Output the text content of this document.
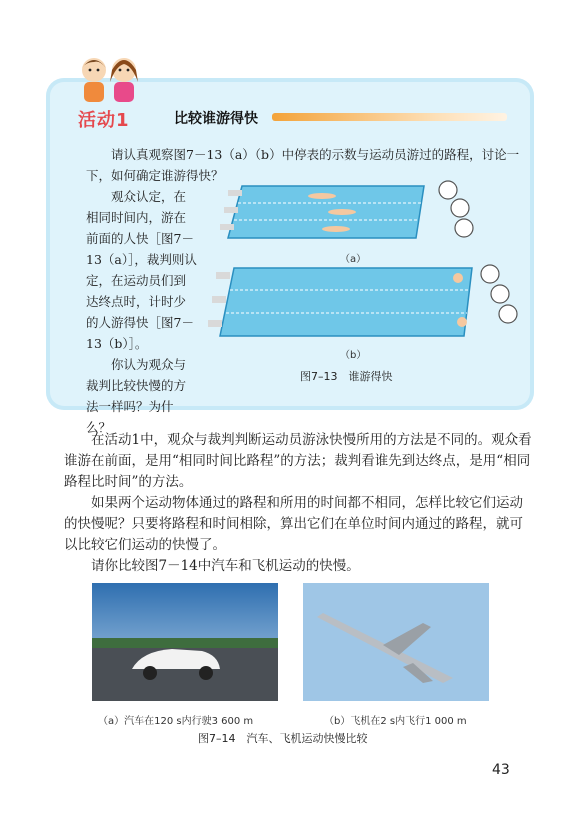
活动1	比较谁游得快
请认真观察图7－13（a）（b）中停表的示数与运动员游过的路程，讨论一下，如何确定谁游得快？

观众认定，在相同时间内，游在前面的人快［图7－13（a）］，裁判则认定，在运动员们到达终点时，计时少的人游得快［图7－13（b）］。

你认为观众与裁判比较快慢的方法一样吗？为什么？

（a）
（b）
图7–13　谁游得快

在活动1中，观众与裁判判断运动员游泳快慢所用的方法是不同的。观众看谁游在前面，是用“相同时间比路程”的方法；裁判看谁先到达终点，是用“相同路程比时间”的方法。

如果两个运动物体通过的路程和所用的时间都不相同，怎样比较它们运动的快慢呢？只要将路程和时间相除，算出它们在单位时间内通过的路程，就可以比较它们运动的快慢了。

请你比较图7－14中汽车和飞机运动的快慢。

（a）汽车在120 s内行驶3 600 m	（b）飞机在2 s内飞行1 000 m
图7–14　汽车、飞机运动快慢比较
43
